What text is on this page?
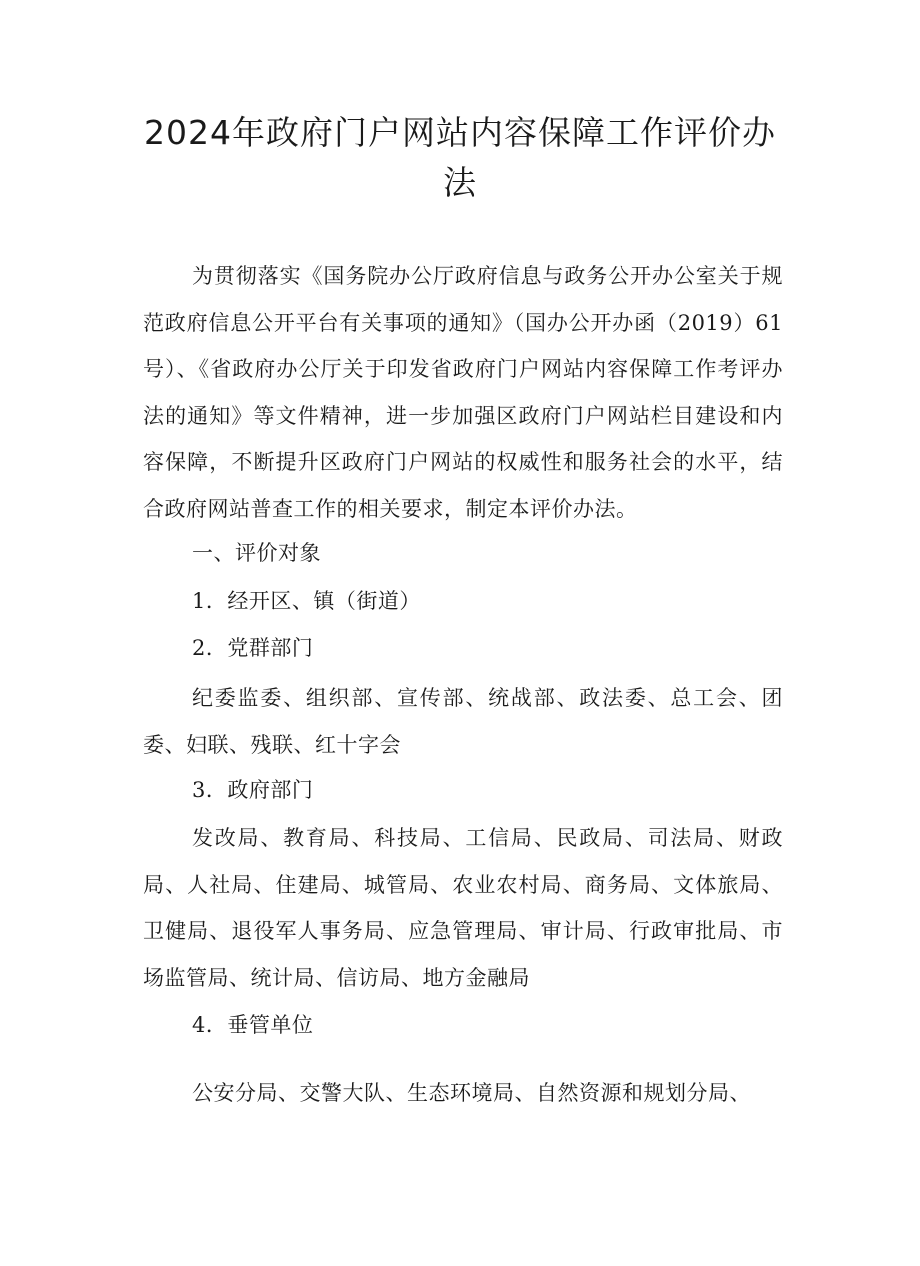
2024年政府门户网站内容保障工作评价办法

为贯彻落实《国务院办公厅政府信息与政务公开办公室关于规范政府信息公开平台有关事项的通知》（国办公开办函（2019）61号）、《省政府办公厅关于印发省政府门户网站内容保障工作考评办法的通知》等文件精神，进一步加强区政府门户网站栏目建设和内容保障，不断提升区政府门户网站的权威性和服务社会的水平，结合政府网站普查工作的相关要求，制定本评价办法。

一、评价对象

1．经开区、镇（街道）

2．党群部门

纪委监委、组织部、宣传部、统战部、政法委、总工会、团委、妇联、残联、红十字会

3．政府部门

发改局、教育局、科技局、工信局、民政局、司法局、财政局、人社局、住建局、城管局、农业农村局、商务局、文体旅局、卫健局、退役军人事务局、应急管理局、审计局、行政审批局、市场监管局、统计局、信访局、地方金融局

4．垂管单位

公安分局、交警大队、生态环境局、自然资源和规划分局、
